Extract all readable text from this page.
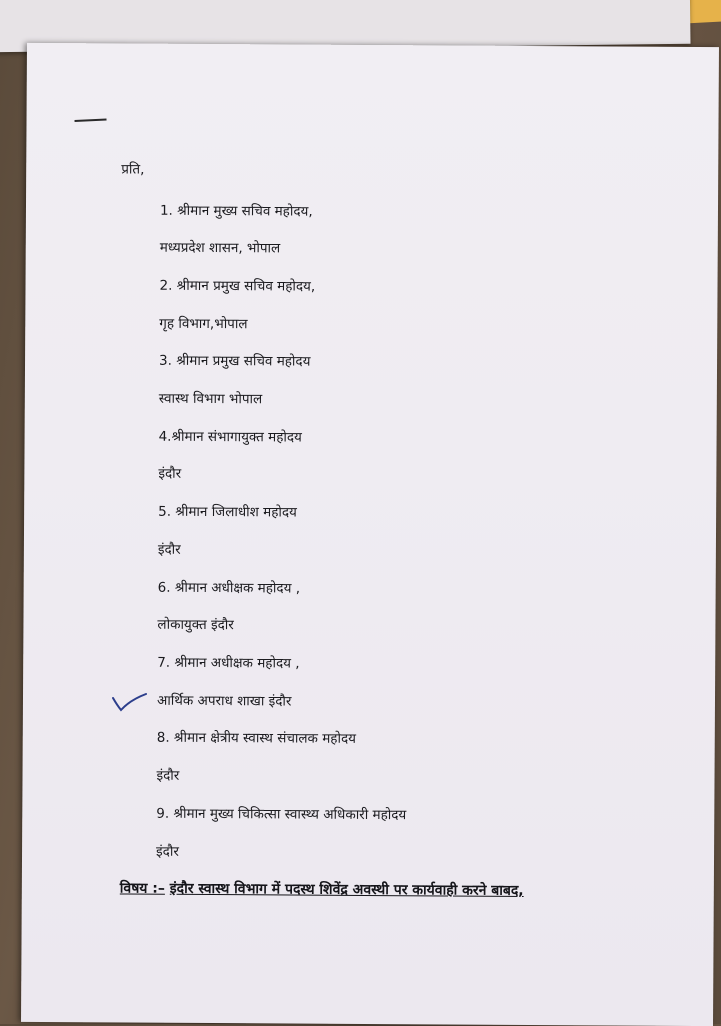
प्रति,
1. श्रीमान मुख्य सचिव महोदय,
मध्यप्रदेश शासन, भोपाल
2. श्रीमान प्रमुख सचिव महोदय,
गृह विभाग,भोपाल
3. श्रीमान प्रमुख सचिव महोदय
स्वास्थ विभाग भोपाल
4.श्रीमान संभागायुक्त महोदय
इंदौर
5. श्रीमान जिलाधीश महोदय
इंदौर
6. श्रीमान अधीक्षक महोदय ,
लोकायुक्त इंदौर
7. श्रीमान अधीक्षक महोदय ,
आर्थिक अपराध शाखा इंदौर
8. श्रीमान क्षेत्रीय स्वास्थ संचालक महोदय
इंदौर
9. श्रीमान मुख्य चिकित्सा स्वास्थ्य अधिकारी महोदय
इंदौर
विषय :– इंदौर स्वास्थ विभाग में पदस्थ शिवेंद्र अवस्थी पर कार्यवाही करने बाबद,
